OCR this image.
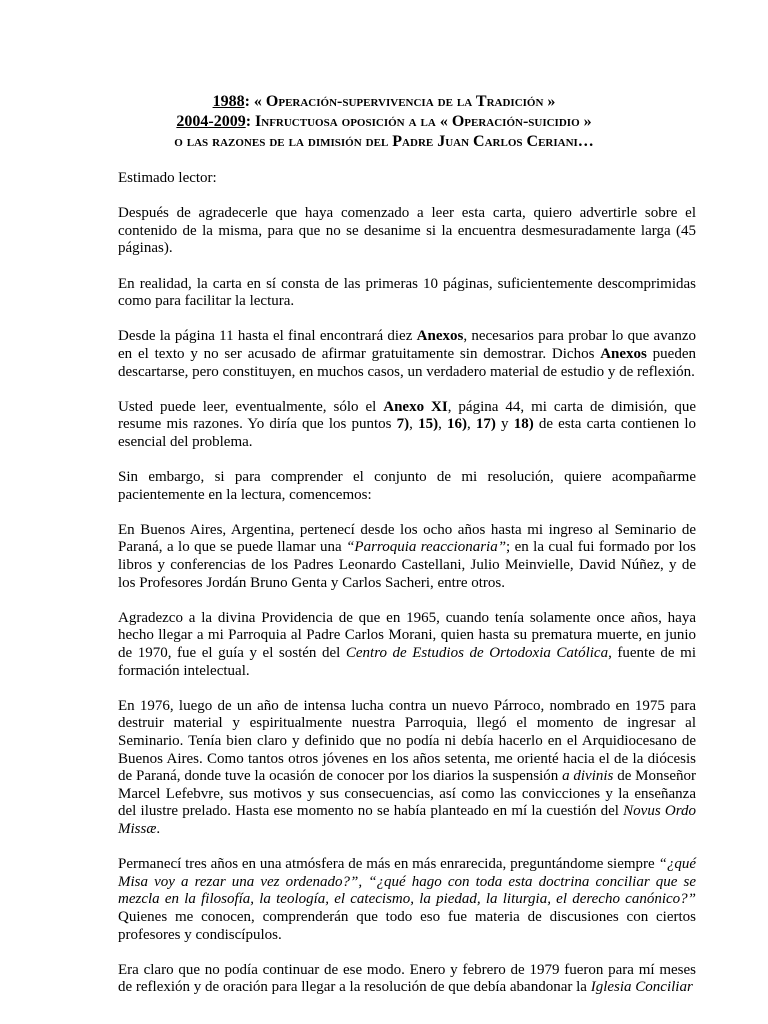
1988: « Operación-supervivencia de la Tradición »
2004-2009: Infructuosa oposición a la « Operación-suicidio »
o las razones de la dimisión del Padre Juan Carlos Ceriani…

Estimado lector:

Después de agradecerle que haya comenzado a leer esta carta, quiero advertirle sobre el contenido de la misma, para que no se desanime si la encuentra desmesuradamente larga (45 páginas).

En realidad, la carta en sí consta de las primeras 10 páginas, suficientemente descomprimidas como para facilitar la lectura.

Desde la página 11 hasta el final encontrará diez Anexos, necesarios para probar lo que avanzo en el texto y no ser acusado de afirmar gratuitamente sin demostrar. Dichos Anexos pueden descartarse, pero constituyen, en muchos casos, un verdadero material de estudio y de reflexión.

Usted puede leer, eventualmente, sólo el Anexo XI, página 44, mi carta de dimisión, que resume mis razones. Yo diría que los puntos 7), 15), 16), 17) y 18) de esta carta contienen lo esencial del problema.

Sin embargo, si para comprender el conjunto de mi resolución, quiere acompañarme pacientemente en la lectura, comencemos:

En Buenos Aires, Argentina, pertenecí desde los ocho años hasta mi ingreso al Seminario de Paraná, a lo que se puede llamar una “Parroquia reaccionaria”; en la cual fui formado por los libros y conferencias de los Padres Leonardo Castellani, Julio Meinvielle, David Núñez, y de los Profesores Jordán Bruno Genta y Carlos Sacheri, entre otros.

Agradezco a la divina Providencia de que en 1965, cuando tenía solamente once años, haya hecho llegar a mi Parroquia al Padre Carlos Morani, quien hasta su prematura muerte, en junio de 1970, fue el guía y el sostén del Centro de Estudios de Ortodoxia Católica, fuente de mi formación intelectual.

En 1976, luego de un año de intensa lucha contra un nuevo Párroco, nombrado en 1975 para destruir material y espiritualmente nuestra Parroquia, llegó el momento de ingresar al Seminario. Tenía bien claro y definido que no podía ni debía hacerlo en el Arquidiocesano de Buenos Aires. Como tantos otros jóvenes en los años setenta, me orienté hacia el de la diócesis de Paraná, donde tuve la ocasión de conocer por los diarios la suspensión a divinis de Monseñor Marcel Lefebvre, sus motivos y sus consecuencias, así como las convicciones y la enseñanza del ilustre prelado. Hasta ese momento no se había planteado en mí la cuestión del Novus Ordo Missæ.

Permanecí tres años en una atmósfera de más en más enrarecida, preguntándome siempre “¿qué Misa voy a rezar una vez ordenado?”, “¿qué hago con toda esta doctrina conciliar que se mezcla en la filosofía, la teología, el catecismo, la piedad, la liturgia, el derecho canónico?” Quienes me conocen, comprenderán que todo eso fue materia de discusiones con ciertos profesores y condiscípulos.

Era claro que no podía continuar de ese modo. Enero y febrero de 1979 fueron para mí meses de reflexión y de oración para llegar a la resolución de que debía abandonar la Iglesia Conciliar
